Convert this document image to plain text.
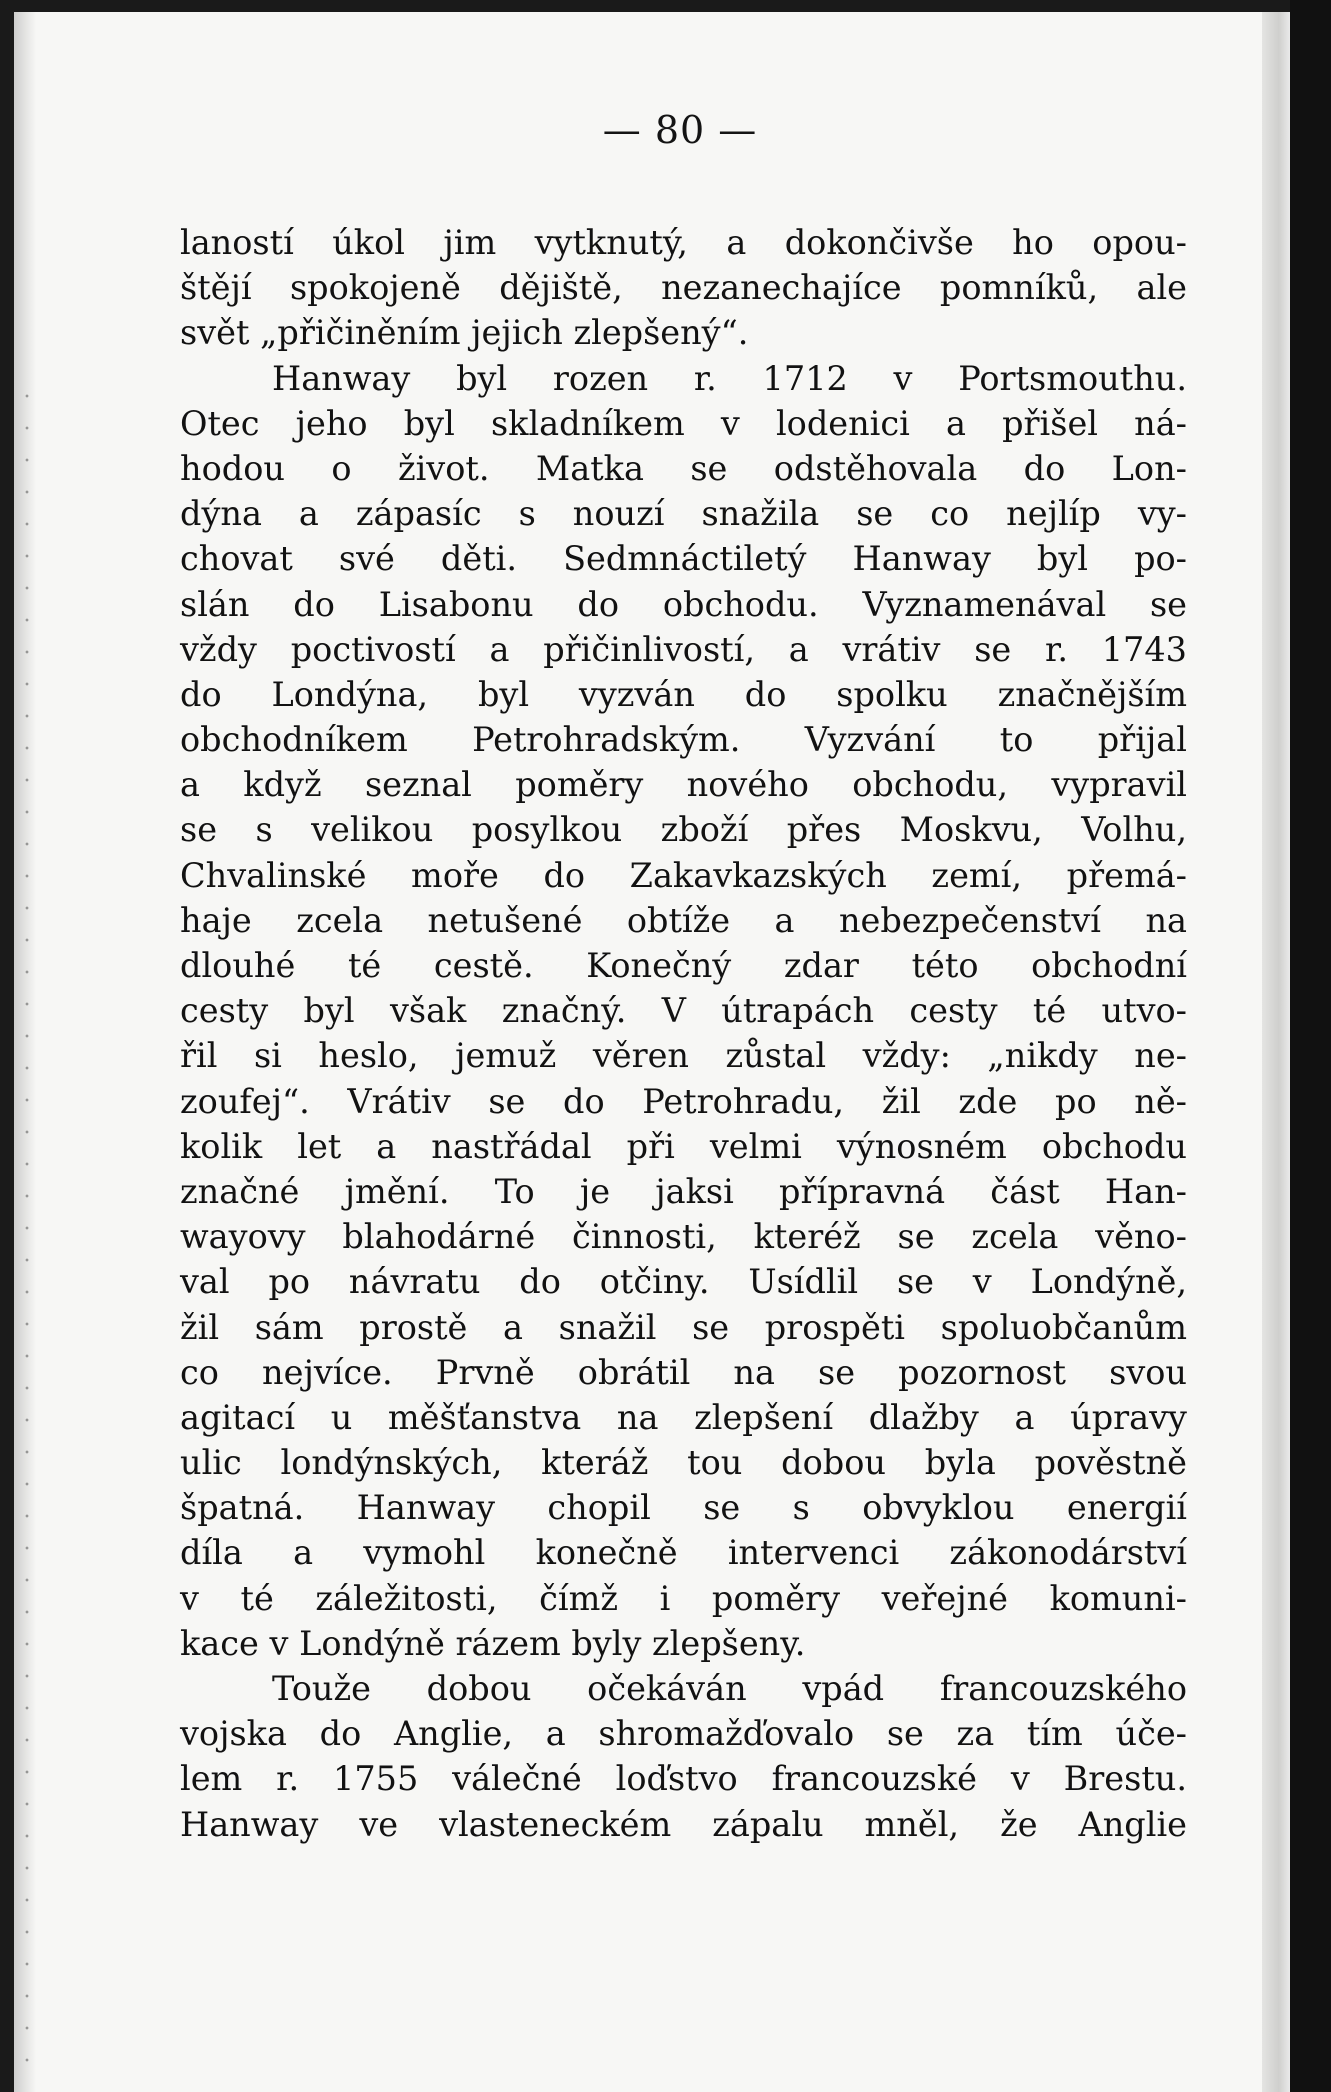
— 80 —
laností úkol jim vytknutý, a dokončivše ho opou-
štějí spokojeně dějiště, nezanechajíce pomníků, ale
svět „přičiněním jejich zlepšený“.
Hanway byl rozen r. 1712 v Portsmouthu.
Otec jeho byl skladníkem v lodenici a přišel ná-
hodou o život. Matka se odstěhovala do Lon-
dýna a zápasíc s nouzí snažila se co nejlíp vy-
chovat své děti. Sedmnáctiletý Hanway byl po-
slán do Lisabonu do obchodu. Vyznamenával se
vždy poctivostí a přičinlivostí, a vrátiv se r. 1743
do Londýna, byl vyzván do spolku značnějším
obchodníkem Petrohradským. Vyzvání to přijal
a když seznal poměry nového obchodu, vypravil
se s velikou posylkou zboží přes Moskvu, Volhu,
Chvalinské moře do Zakavkazských zemí, přemá-
haje zcela netušené obtíže a nebezpečenství na
dlouhé té cestě. Konečný zdar této obchodní
cesty byl však značný. V útrapách cesty té utvo-
řil si heslo, jemuž věren zůstal vždy: „nikdy ne-
zoufej“. Vrátiv se do Petrohradu, žil zde po ně-
kolik let a nastřádal při velmi výnosném obchodu
značné jmění. To je jaksi přípravná část Han-
wayovy blahodárné činnosti, kteréž se zcela věno-
val po návratu do otčiny. Usídlil se v Londýně,
žil sám prostě a snažil se prospěti spoluobčanům
co nejvíce. Prvně obrátil na se pozornost svou
agitací u měšťanstva na zlepšení dlažby a úpravy
ulic londýnských, kteráž tou dobou byla pověstně
špatná. Hanway chopil se s obvyklou energií
díla a vymohl konečně intervenci zákonodárství
v té záležitosti, čímž i poměry veřejné komuni-
kace v Londýně rázem byly zlepšeny.
Touže dobou očekáván vpád francouzského
vojska do Anglie, a shromažďovalo se za tím úče-
lem r. 1755 válečné loďstvo francouzské v Brestu.
Hanway ve vlasteneckém zápalu mněl, že Anglie
